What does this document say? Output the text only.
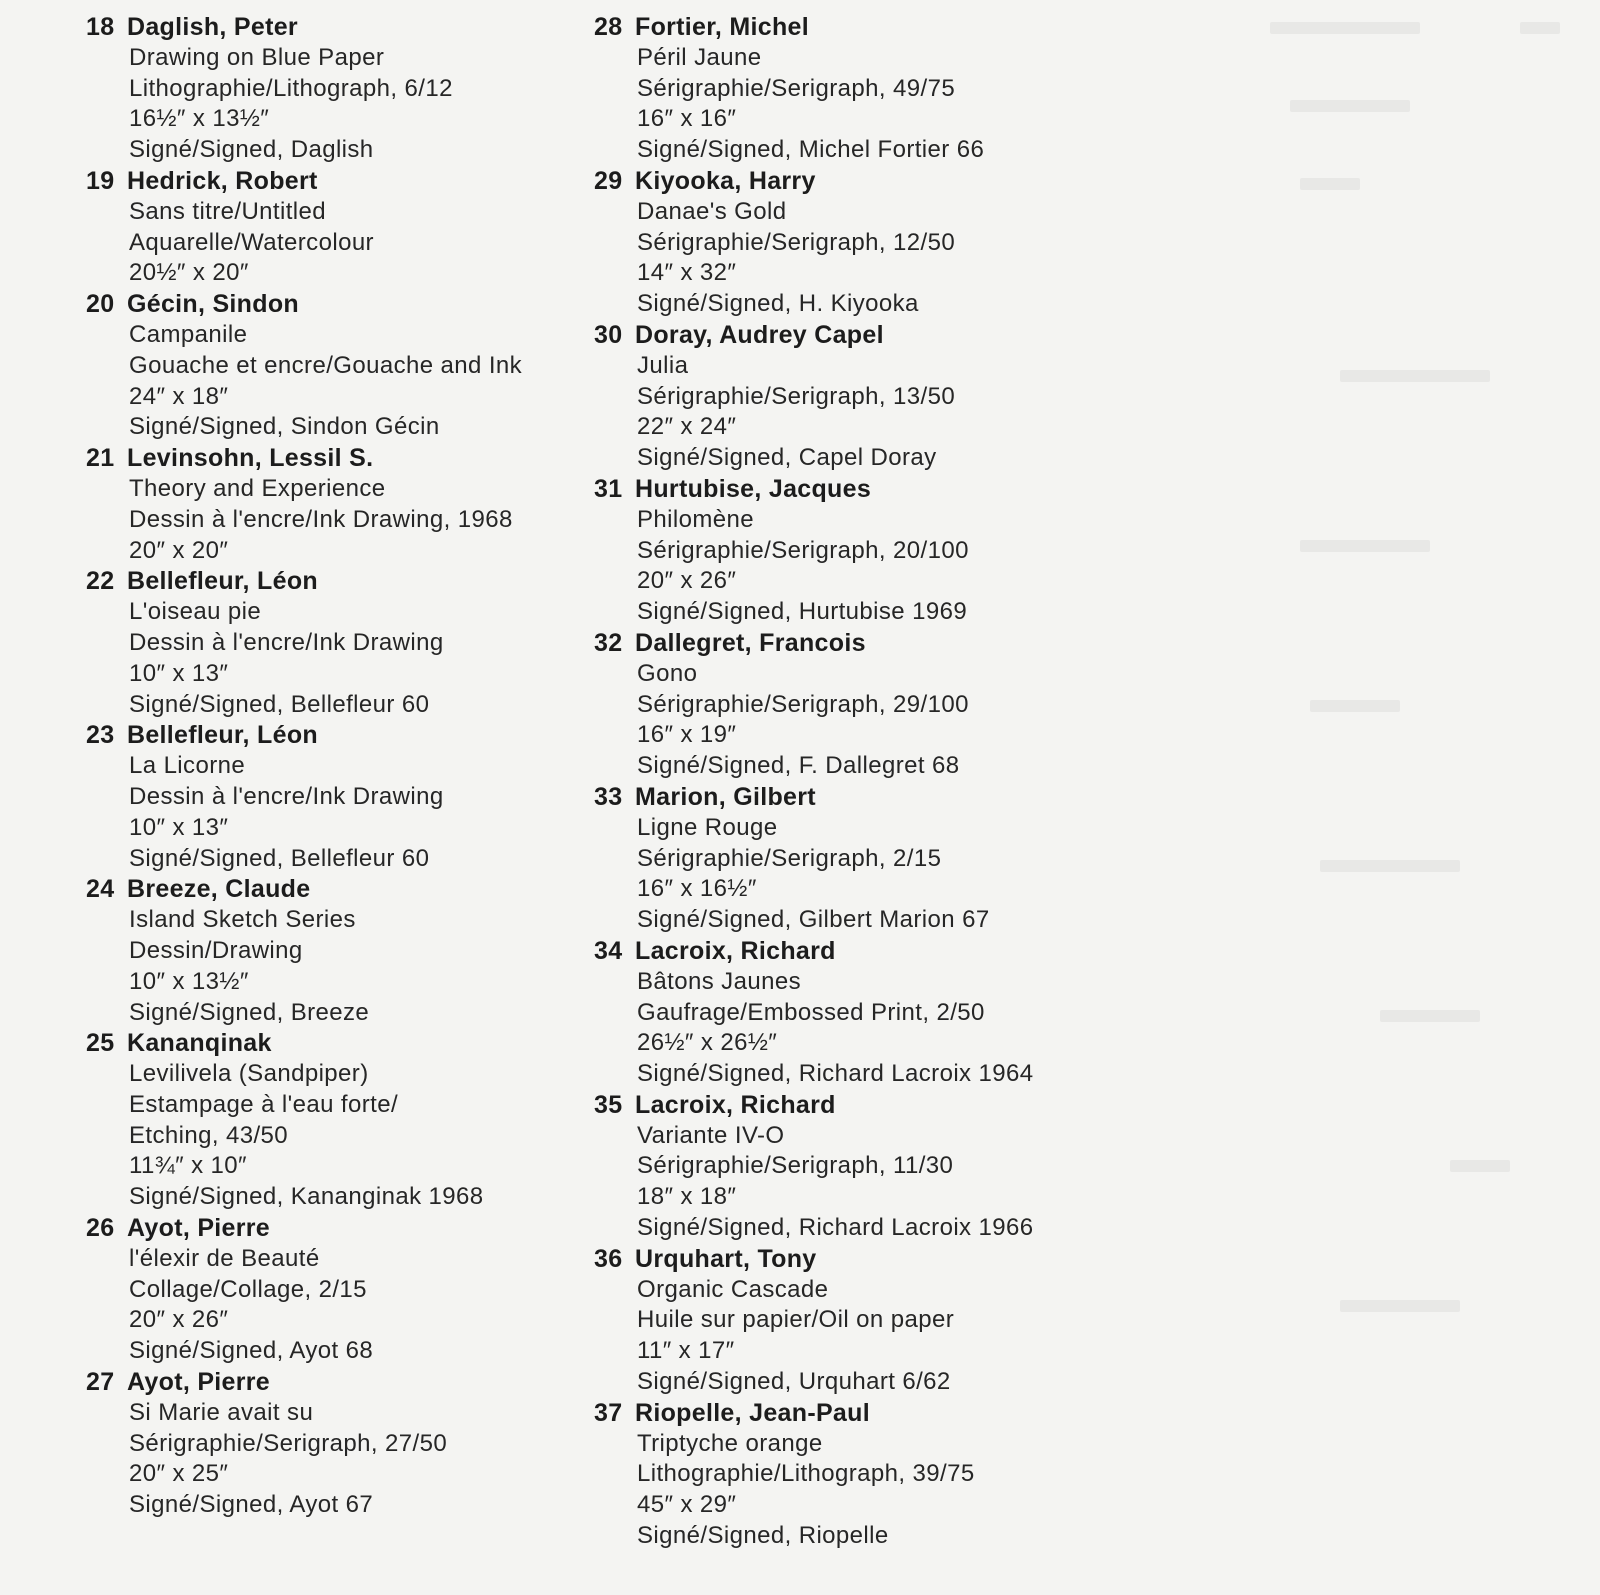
18 Daglish, Peter
Drawing on Blue Paper
Lithographie/Lithograph, 6/12
16½″ x 13½″
Signé/Signed, Daglish
19 Hedrick, Robert
Sans titre/Untitled
Aquarelle/Watercolour
20½″ x 20″
20 Gécin, Sindon
Campanile
Gouache et encre/Gouache and Ink
24″ x 18″
Signé/Signed, Sindon Gécin
21 Levinsohn, Lessil S.
Theory and Experience
Dessin à l'encre/Ink Drawing, 1968
20″ x 20″
22 Bellefleur, Léon
L'oiseau pie
Dessin à l'encre/Ink Drawing
10″ x 13″
Signé/Signed, Bellefleur 60
23 Bellefleur, Léon
La Licorne
Dessin à l'encre/Ink Drawing
10″ x 13″
Signé/Signed, Bellefleur 60
24 Breeze, Claude
Island Sketch Series
Dessin/Drawing
10″ x 13½″
Signé/Signed, Breeze
25 Kananqinak
Levilivela (Sandpiper)
Estampage à l'eau forte/
Etching, 43/50
11¾″ x 10″
Signé/Signed, Kananginak 1968
26 Ayot, Pierre
l'élexir de Beauté
Collage/Collage, 2/15
20″ x 26″
Signé/Signed, Ayot 68
27 Ayot, Pierre
Si Marie avait su
Sérigraphie/Serigraph, 27/50
20″ x 25″
Signé/Signed, Ayot 67
28 Fortier, Michel
Péril Jaune
Sérigraphie/Serigraph, 49/75
16″ x 16″
Signé/Signed, Michel Fortier 66
29 Kiyooka, Harry
Danae's Gold
Sérigraphie/Serigraph, 12/50
14″ x 32″
Signé/Signed, H. Kiyooka
30 Doray, Audrey Capel
Julia
Sérigraphie/Serigraph, 13/50
22″ x 24″
Signé/Signed, Capel Doray
31 Hurtubise, Jacques
Philomène
Sérigraphie/Serigraph, 20/100
20″ x 26″
Signé/Signed, Hurtubise 1969
32 Dallegret, Francois
Gono
Sérigraphie/Serigraph, 29/100
16″ x 19″
Signé/Signed, F. Dallegret 68
33 Marion, Gilbert
Ligne Rouge
Sérigraphie/Serigraph, 2/15
16″ x 16½″
Signé/Signed, Gilbert Marion 67
34 Lacroix, Richard
Bâtons Jaunes
Gaufrage/Embossed Print, 2/50
26½″ x 26½″
Signé/Signed, Richard Lacroix 1964
35 Lacroix, Richard
Variante IV-O
Sérigraphie/Serigraph, 11/30
18″ x 18″
Signé/Signed, Richard Lacroix 1966
36 Urquhart, Tony
Organic Cascade
Huile sur papier/Oil on paper
11″ x 17″
Signé/Signed, Urquhart 6/62
37 Riopelle, Jean-Paul
Triptyche orange
Lithographie/Lithograph, 39/75
45″ x 29″
Signé/Signed, Riopelle
